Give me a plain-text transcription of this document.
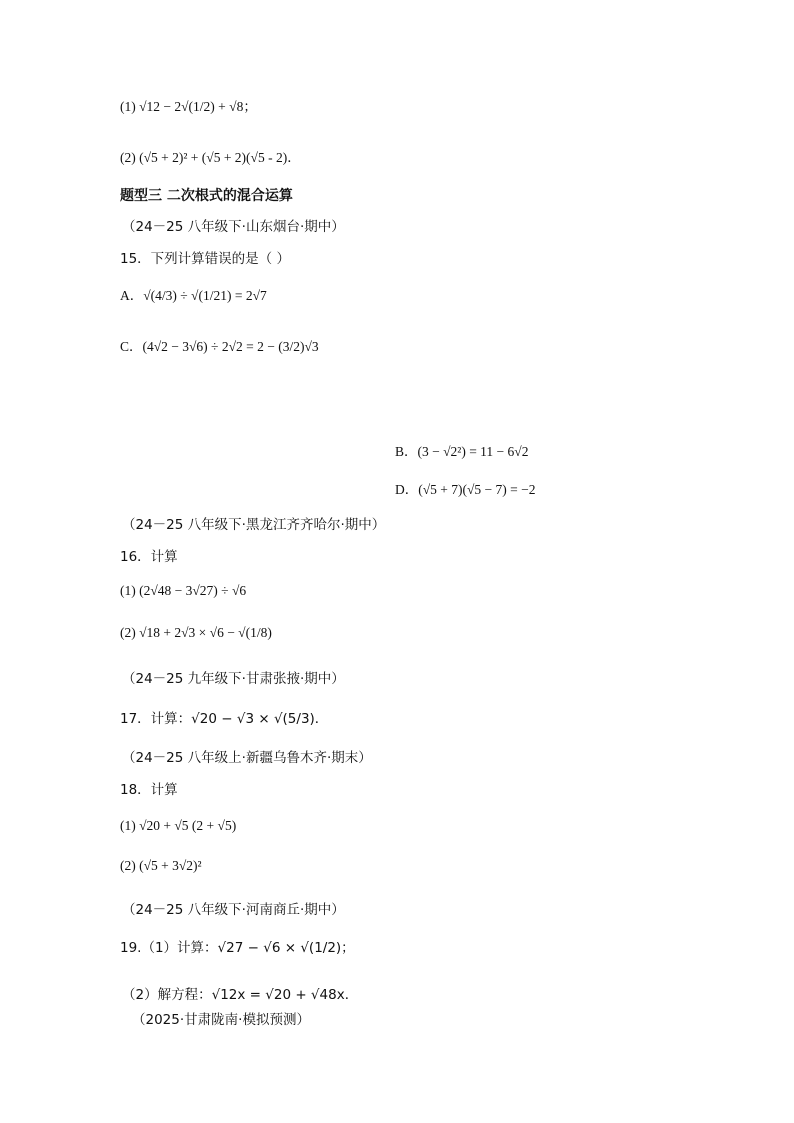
(1) √12 − 2√(1/2) + √8；
(2) (√5 + 2)² + (√5 + 2)(√5 - 2)．
题型三 二次根式的混合运算
（24－25 八年级下·山东烟台·期中）
15．下列计算错误的是（ ）
A．√(4/3) ÷ √(1/21) = 2√7
C．(4√2 − 3√6) ÷ 2√2 = 2 − (3/2)√3
B．(3 − √2²) = 11 − 6√2
D．(√5 + 7)(√5 − 7) = −2
（24－25 八年级下·黑龙江齐齐哈尔·期中）
16．计算
(1) (2√48 − 3√27) ÷ √6
(2) √18 + 2√3 × √6 − √(1/8)
（24－25 九年级下·甘肃张掖·期中）
17．计算：√20 − √3 × √(5/3)．
（24－25 八年级上·新疆乌鲁木齐·期末）
18．计算
(1) √20 + √5 (2 + √5)
(2) (√5 + 3√2)²
（24－25 八年级下·河南商丘·期中）
19.（1）计算：√27 − √6 × √(1/2)；
（2）解方程：√12x = √20 + √48x．
（2025·甘肃陇南·模拟预测）
